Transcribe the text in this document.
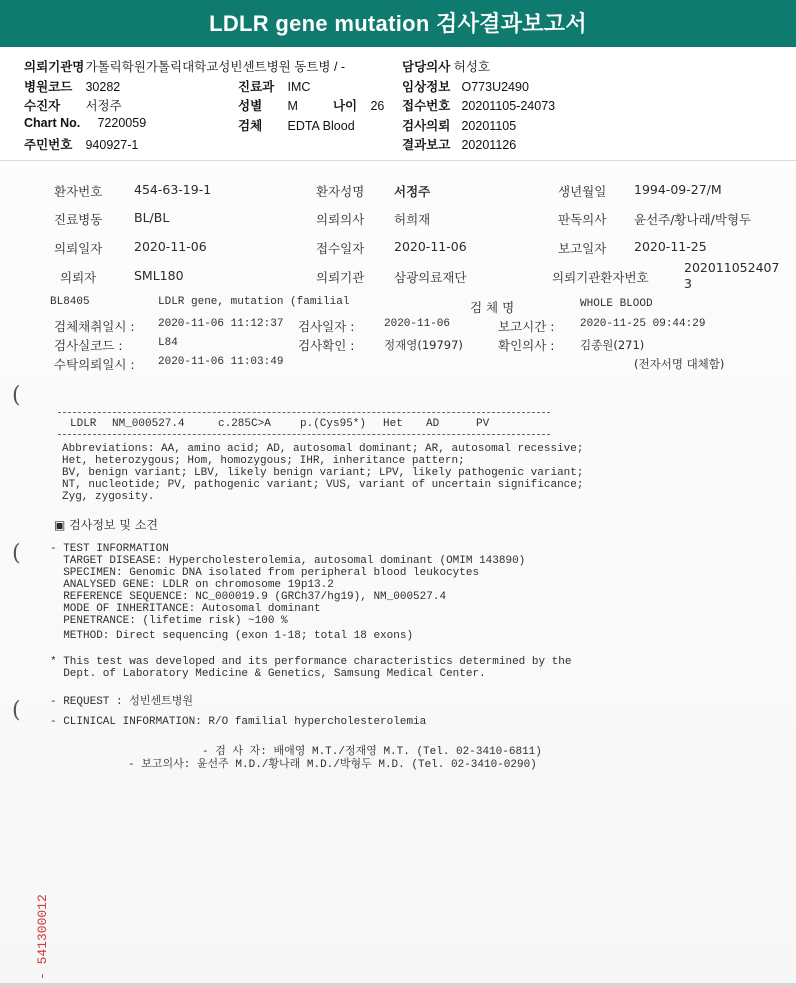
LDLR gene mutation 검사결과보고서
의뢰기관명 가톨릭학원가톨릭대학교성빈센트병원 동트병 / -	담당의사 허성호
병원코드 30282	진료과 IMC	임상정보 O773U2490
수진자 서정주	성별 M	나이 26 접수번호 20201105-24073
Chart No. 7220059	검체 EDTA Blood	검사의뢰 20201105
주민번호 940927-1	결과보고 20201126
환자번호	454-63-19-1	환자성명 서정주	생년월일 1994-09-27/M
진료병동	BL/BL	의뢰의사 허희재	판독의사 윤선주/황나래/박형두
의뢰일자	2020-11-06	접수일자 2020-11-06	보고일자 2020-11-25
의뢰자	SML180	의뢰기관 삼광의료재단	의뢰기관환자번호
202011052407
3
BL8405	LDLR gene, mutation (familial	검 체 명	WHOLE BLOOD
검체채취일시 : 2020-11-06 11:12:37 검사일자 :	2020-11-06	보고시간 : 2020-11-25 09:44:29
검사실코드 :	L84	검사확인 :	정재영(19797)	확인의사 : 김종원(271)
수탁의뢰일시 : 2020-11-06 11:03:49	(전자서명 대체함)
(
(
(
LDLR NM_000527.4	c.285C>A	p.(Cys95*) Het AD	PV
Abbreviations: AA, amino acid; AD, autosomal dominant; AR, autosomal recessive;
Het, heterozygous; Hom, homozygous; IHR, inheritance pattern;
BV, benign variant; LBV, likely benign variant; LPV, likely pathogenic variant;
NT, nucleotide; PV, pathogenic variant; VUS, variant of uncertain significance;
Zyg, zygosity.
▣ 검사정보 및 소견
- TEST INFORMATION
TARGET DISEASE: Hypercholesterolemia, autosomal dominant (OMIM 143890)
SPECIMEN: Genomic DNA isolated from peripheral blood leukocytes
ANALYSED GENE: LDLR on chromosome 19p13.2
REFERENCE SEQUENCE: NC_000019.9 (GRCh37/hg19), NM_000527.4
MODE OF INHERITANCE: Autosomal dominant
PENETRANCE: (lifetime risk) ~100 %
METHOD: Direct sequencing (exon 1-18; total 18 exons)
* This test was developed and its performance characteristics determined by the
Dept. of Laboratory Medicine & Genetics, Samsung Medical Center.
- REQUEST : 성빈센트병원
- CLINICAL INFORMATION: R/O familial hypercholesterolemia
- 검 사 자: 배애영 M.T./정재영 M.T. (Tel. 02-3410-6811)
- 보고의사: 윤선주 M.D./황나래 M.D./박형두 M.D. (Tel. 02-3410-0290)
- 541300012
